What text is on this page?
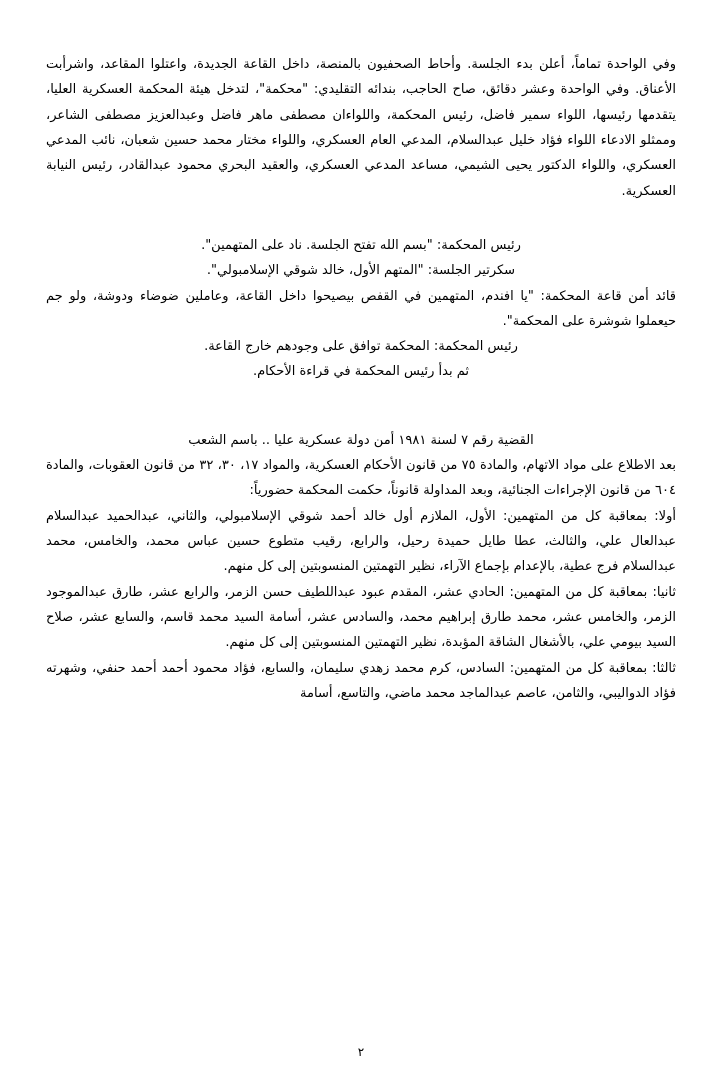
وفي الواحدة تماماً، أعلن بدء الجلسة. وأحاط الصحفيون بالمنصة، داخل القاعة الجديدة، واعتلوا المقاعد، واشرأبت الأعناق. وفي الواحدة وعشر دقائق، صاح الحاجب، بندائه التقليدي: "محكمة"، لتدخل هيئة المحكمة العسكرية العليا، يتقدمها رئيسها، اللواء سمير فاضل، رئيس المحكمة، واللواءان مصطفى ماهر فاضل وعبدالعزيز مصطفى الشاعر، وممثلو الادعاء اللواء فؤاد خليل عبدالسلام، المدعي العام العسكري، واللواء مختار محمد حسين شعبان، نائب المدعي العسكري، واللواء الدكتور يحيى الشيمي، مساعد المدعي العسكري، والعقيد البحري محمود عبدالقادر، رئيس النيابة العسكرية.

رئيس المحكمة: "بسم الله تفتح الجلسة. ناد على المتهمين".
سكرتير الجلسة: "المتهم الأول، خالد شوقي الإسلامبولي".

قائد أمن قاعة المحكمة: "يا افندم، المتهمين في القفص بيصيحوا داخل القاعة، وعاملين ضوضاء ودوشة، ولو جم حيعملوا شوشرة على المحكمة".

رئيس المحكمة: المحكمة توافق على وجودهم خارج القاعة.
ثم بدأ رئيس المحكمة في قراءة الأحكام.
القضية رقم ٧ لسنة ١٩٨١ أمن دولة عسكرية عليا .. باسم الشعب

بعد الاطلاع على مواد الاتهام، والمادة ٧٥ من قانون الأحكام العسكرية، والمواد ١٧، ٣٠، ٣٢ من قانون العقوبات، والمادة ٦٠٤ من قانون الإجراءات الجنائية، وبعد المداولة قانوناً، حكمت المحكمة حضورياً:

أولا: بمعاقبة كل من المتهمين: الأول، الملازم أول خالد أحمد شوقي الإسلامبولي، والثاني، عبدالحميد عبدالسلام عبدالعال علي، والثالث، عطا طايل حميدة رحيل، والرابع، رقيب متطوع حسين عباس محمد، والخامس، محمد عبدالسلام فرج عطية، بالإعدام بإجماع الآراء، نظير التهمتين المنسوبتين إلى كل منهم.

ثانيا: بمعاقبة كل من المتهمين: الحادي عشر، المقدم عبود عبداللطيف حسن الزمر، والرابع عشر، طارق عبدالموجود الزمر، والخامس عشر، محمد طارق إبراهيم محمد، والسادس عشر، أسامة السيد محمد قاسم، والسابع عشر، صلاح السيد بيومي علي، بالأشغال الشاقة المؤبدة، نظير التهمتين المنسوبتين إلى كل منهم.

ثالثا: بمعاقبة كل من المتهمين: السادس، كرم محمد زهدي سليمان، والسابع، فؤاد محمود أحمد أحمد حنفي، وشهرته فؤاد الدواليبي، والثامن، عاصم عبدالماجد محمد ماضي، والتاسع، أسامة

٢
